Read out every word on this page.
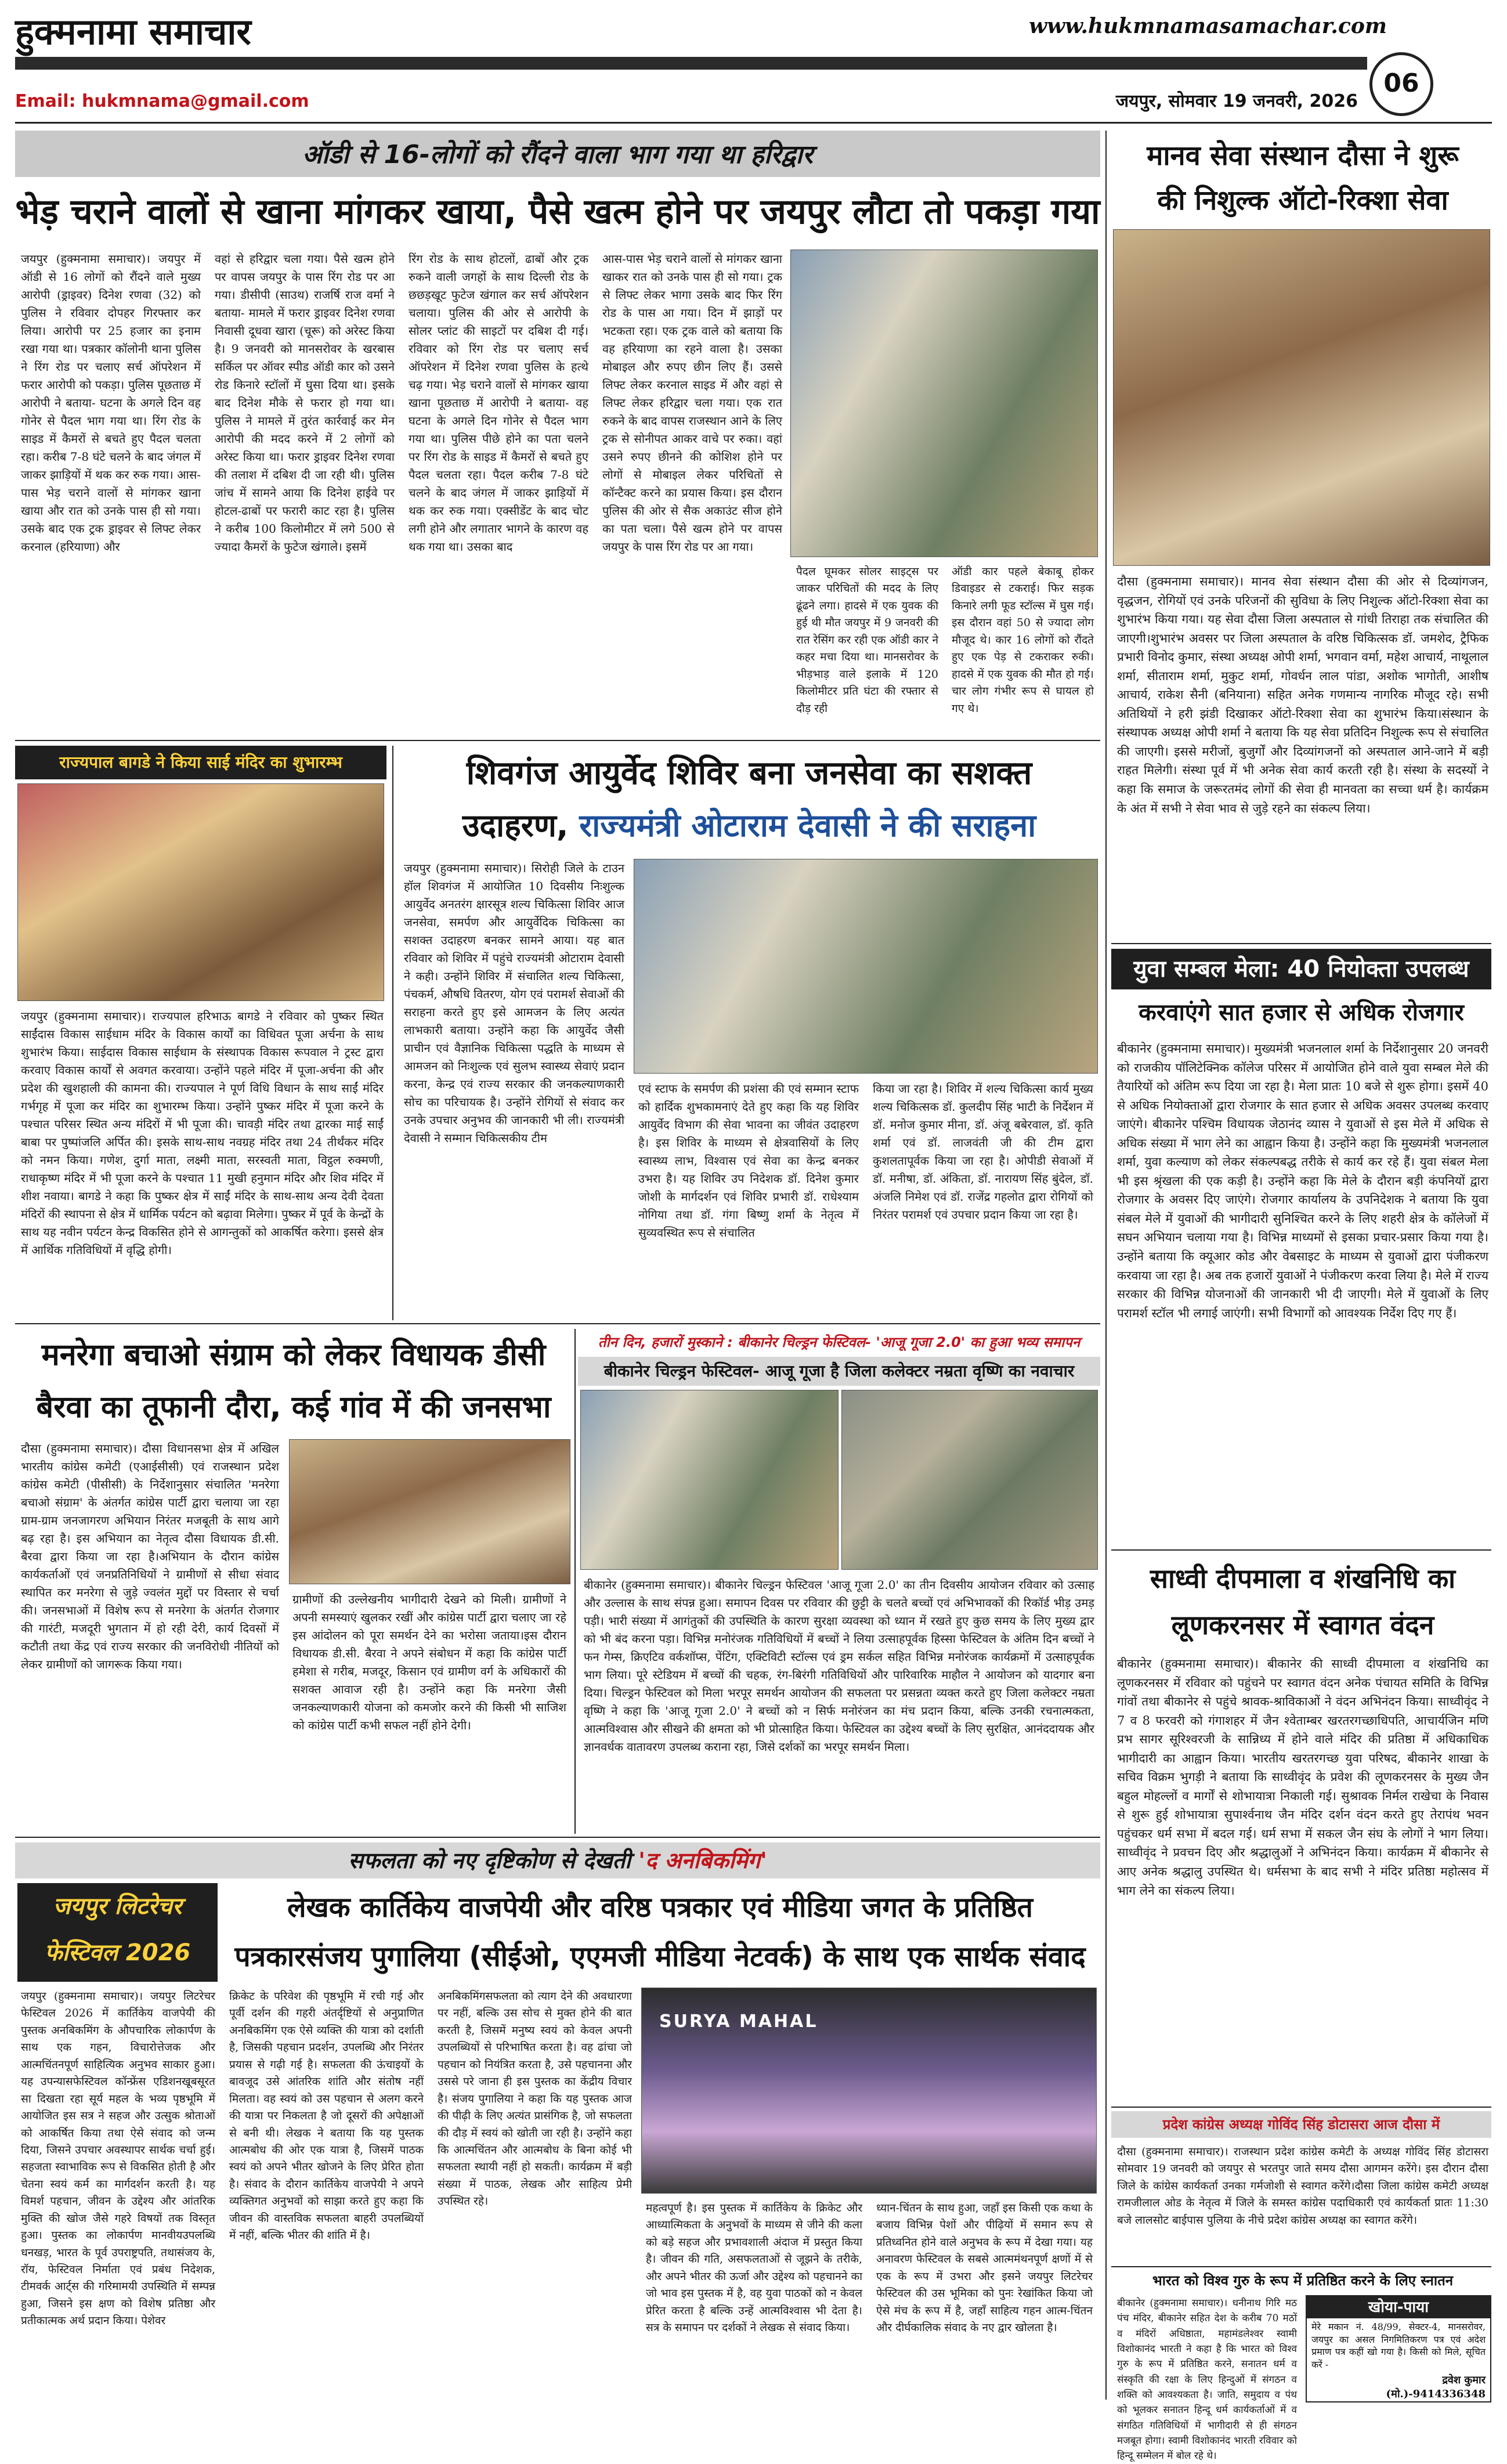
हुक्मनामा समाचार	www.hukmnamasamachar.com
06
Email: hukmnama@gmail.com	जयपुर, सोमवार 19 जनवरी, 2026
ऑडी से 16-लोगों को रौंदने वाला भाग गया था हरिद्वार
भेड़ चराने वालों से खाना मांगकर खाया, पैसे खत्म होने पर जयपुर लौटा तो पकड़ा गया
जयपुर (हुक्मनामा समाचार)। जयपुर में ऑडी से 16 लोगों को रौंदने वाले मुख्य आरोपी (ड्राइवर) दिनेश रणवा (32) को पुलिस ने रविवार दोपहर गिरफ्तार कर लिया। आरोपी पर 25 हजार का इनाम रखा गया था। पत्रकार कॉलोनी थाना पुलिस ने रिंग रोड पर चलाए सर्च ऑपरेशन में फरार आरोपी को पकड़ा। पुलिस पूछताछ में आरोपी ने बताया- घटना के अगले दिन वह गोनेर से पैदल भाग गया था। रिंग रोड के साइड में कैमरों से बचते हुए पैदल चलता रहा। करीब 7-8 घंटे चलने के बाद जंगल में जाकर झाड़ियों में थक कर रुक गया। आस-पास भेड़ चराने वालों से मांगकर खाना खाया और रात को उनके पास ही सो गया। उसके बाद एक ट्रक ड्राइवर से लिफ्ट लेकर करनाल (हरियाणा) और
वहां से हरिद्वार चला गया। पैसे खत्म होने पर वापस जयपुर के पास रिंग रोड पर आ गया। डीसीपी (साउथ) राजर्षि राज वर्मा ने बताया- मामले में फरार ड्राइवर दिनेश रणवा निवासी दूधवा खारा (चूरू) को अरेस्ट किया है। 9 जनवरी को मानसरोवर के खरबास सर्किल पर ऑवर स्पीड ऑडी कार को उसने रोड किनारे स्टॉलों में घुसा दिया था। इसके बाद दिनेश मौके से फरार हो गया था। पुलिस ने मामले में तुरंत कार्रवाई कर मेन आरोपी की मदद करने में 2 लोगों को अरेस्ट किया था। फरार ड्राइवर दिनेश रणवा की तलाश में दबिश दी जा रही थी। पुलिस जांच में सामने आया कि दिनेश हाईवे पर होटल-ढाबों पर फरारी काट रहा है। पुलिस ने करीब 100 किलोमीटर में लगे 500 से ज्यादा कैमरों के फुटेज खंगाले। इसमें
रिंग रोड के साथ होटलों, ढाबों और ट्रक रुकने वाली जगहों के साथ दिल्ली रोड के छछड़खूट फुटेज खंगाल कर सर्च ऑपरेशन चलाया। पुलिस की ओर से आरोपी के सोलर प्लांट की साइटों पर दबिश दी गई। रविवार को रिंग रोड पर चलाए सर्च ऑपरेशन में दिनेश रणवा पुलिस के हत्थे चढ़ गया। भेड़ चराने वालों से मांगकर खाया खाना पूछताछ में आरोपी ने बताया- वह घटना के अगले दिन गोनेर से पैदल भाग गया था। पुलिस पीछे होने का पता चलने पर रिंग रोड के साइड में कैमरों से बचते हुए पैदल चलता रहा। पैदल करीब 7-8 घंटे चलने के बाद जंगल में जाकर झाड़ियों में थक कर रुक गया। एक्सीडेंट के बाद चोट लगी होने और लगातार भागने के कारण वह थक गया था। उसका बाद
आस-पास भेड़ चराने वालों से मांगकर खाना खाकर रात को उनके पास ही सो गया। ट्रक से लिफ्ट लेकर भागा उसके बाद फिर रिंग रोड के पास आ गया। दिन में झाड़ों पर भटकता रहा। एक ट्रक वाले को बताया कि वह हरियाणा का रहने वाला है। उसका मोबाइल और रुपए छीन लिए हैं। उससे लिफ्ट लेकर करनाल साइड में और वहां से लिफ्ट लेकर हरिद्वार चला गया। एक रात रुकने के बाद वापस राजस्थान आने के लिए ट्रक से सोनीपत आकर वाचे पर रुका। वहां उसने रुपए छीनने की कोशिश होने पर लोगों से मोबाइल लेकर परिचितों से कॉन्टैक्ट करने का प्रयास किया। इस दौरान पुलिस की ओर से सैक अकाउंट सीज होने का पता चला। पैसे खत्म होने पर वापस जयपुर के पास रिंग रोड पर आ गया।
पैदल घूमकर सोलर साइट्स पर जाकर परिचितों की मदद के लिए ढूंढने लगा। हादसे में एक युवक की हुई थी मौत जयपुर में 9 जनवरी की रात रेसिंग कर रही एक ऑडी कार ने कहर मचा दिया था। मानसरोवर के भीड़भाड़ वाले इलाके में 120 किलोमीटर प्रति घंटा की रफ्तार से दौड़ रही
ऑडी कार पहले बेकाबू होकर डिवाइडर से टकराई। फिर सड़क किनारे लगी फूड स्टॉल्स में घुस गई। इस दौरान वहां 50 से ज्यादा लोग मौजूद थे। कार 16 लोगों को रौंदते हुए एक पेड़ से टकराकर रुकी। हादसे में एक युवक की मौत हो गई। चार लोग गंभीर रूप से घायल हो गए थे।
मानव सेवा संस्थान दौसा ने शुरू
की निशुल्क ऑटो-रिक्शा सेवा
दौसा (हुक्मनामा समाचार)। मानव सेवा संस्थान दौसा की ओर से दिव्यांगजन, वृद्धजन, रोगियों एवं उनके परिजनों की सुविधा के लिए निशुल्क ऑटो-रिक्शा सेवा का शुभारंभ किया गया। यह सेवा दौसा जिला अस्पताल से गांधी तिराहा तक संचालित की जाएगी।शुभारंभ अवसर पर जिला अस्पताल के वरिष्ठ चिकित्सक डॉ. जमशेद, ट्रैफिक प्रभारी विनोद कुमार, संस्था अध्यक्ष ओपी शर्मा, भगवान वर्मा, महेश आचार्य, नाथूलाल शर्मा, सीताराम शर्मा, मुकुट शर्मा, गोवर्धन लाल पांडा, अशोक भागोती, आशीष आचार्य, राकेश सैनी (बनियाना) सहित अनेक गणमान्य नागरिक मौजूद रहे। सभी अतिथियों ने हरी झंडी दिखाकर ऑटो-रिक्शा सेवा का शुभारंभ किया।संस्थान के संस्थापक अध्यक्ष ओपी शर्मा ने बताया कि यह सेवा प्रतिदिन निशुल्क रूप से संचालित की जाएगी। इससे मरीजों, बुजुर्गों और दिव्यांगजनों को अस्पताल आने-जाने में बड़ी राहत मिलेगी। संस्था पूर्व में भी अनेक सेवा कार्य करती रही है। संस्था के सदस्यों ने कहा कि समाज के जरूरतमंद लोगों की सेवा ही मानवता का सच्चा धर्म है। कार्यक्रम के अंत में सभी ने सेवा भाव से जुड़े रहने का संकल्प लिया।
युवा सम्बल मेला: 40 नियोक्ता उपलब्ध
करवाएंगे सात हजार से अधिक रोजगार
बीकानेर (हुक्मनामा समाचार)। मुख्यमंत्री भजनलाल शर्मा के निर्देशानुसार 20 जनवरी को राजकीय पॉलिटेक्निक कॉलेज परिसर में आयोजित होने वाले युवा सम्बल मेले की तैयारियों को अंतिम रूप दिया जा रहा है। मेला प्रातः 10 बजे से शुरू होगा। इसमें 40 से अधिक नियोक्ताओं द्वारा रोजगार के सात हजार से अधिक अवसर उपलब्ध करवाए जाएंगे। बीकानेर पश्चिम विधायक जेठानंद व्यास ने युवाओं से इस मेले में अधिक से अधिक संख्या में भाग लेने का आह्वान किया है। उन्होंने कहा कि मुख्यमंत्री भजनलाल शर्मा, युवा कल्याण को लेकर संकल्पबद्ध तरीके से कार्य कर रहे हैं। युवा संबल मेला भी इस श्रृंखला की एक कड़ी है। उन्होंने कहा कि मेले के दौरान बड़ी कंपनियों द्वारा रोजगार के अवसर दिए जाएंगे। रोजगार कार्यालय के उपनिदेशक ने बताया कि युवा संबल मेले में युवाओं की भागीदारी सुनिश्चित करने के लिए शहरी क्षेत्र के कॉलेजों में सघन अभियान चलाया गया है। विभिन्न माध्यमों से इसका प्रचार-प्रसार किया गया है। उन्होंने बताया कि क्यूआर कोड और वेबसाइट के माध्यम से युवाओं द्वारा पंजीकरण करवाया जा रहा है। अब तक हजारों युवाओं ने पंजीकरण करवा लिया है। मेले में राज्य सरकार की विभिन्न योजनाओं की जानकारी भी दी जाएगी। मेले में युवाओं के लिए परामर्श स्टॉल भी लगाई जाएंगी। सभी विभागों को आवश्यक निर्देश दिए गए हैं।
साध्वी दीपमाला व शंखनिधि का
लूणकरनसर में स्वागत वंदन
बीकानेर (हुक्मनामा समाचार)। बीकानेर की साध्वी दीपमाला व शंखनिधि का लूणकरनसर में रविवार को पहुंचने पर स्वागत वंदन अनेक पंचायत समिति के विभिन्न गांवों तथा बीकानेर से पहुंचे श्रावक-श्राविकाओं ने वंदन अभिनंदन किया। साध्वीवृंद ने 7 व 8 फरवरी को गंगाशहर में जैन श्वेताम्बर खरतरगच्छाधिपति, आचार्यजिन मणि प्रभ सागर सूरिश्वरजी के सान्निध्य में होने वाले मंदिर की प्रतिष्ठा में अधिकाधिक भागीदारी का आह्वान किया। भारतीय खरतरगच्छ युवा परिषद, बीकानेर शाखा के सचिव विक्रम भुगड़ी ने बताया कि साध्वीवृंद के प्रवेश की लूणकरनसर के मुख्य जैन बहुल मोहल्लों व मार्गों से शोभायात्रा निकाली गई। सुश्रावक निर्मल राखेचा के निवास से शुरू हुई शोभायात्रा सुपार्श्वनाथ जैन मंदिर दर्शन वंदन करते हुए तेरापंथ भवन पहुंचकर धर्म सभा में बदल गई। धर्म सभा में सकल जैन संघ के लोगों ने भाग लिया। साध्वीवृंद ने प्रवचन दिए और श्रद्धालुओं ने अभिनंदन किया। कार्यक्रम में बीकानेर से आए अनेक श्रद्धालु उपस्थित थे। धर्मसभा के बाद सभी ने मंदिर प्रतिष्ठा महोत्सव में भाग लेने का संकल्प लिया।
प्रदेश कांग्रेस अध्यक्ष गोविंद सिंह डोटासरा आज दौसा में
दौसा (हुक्मनामा समाचार)। राजस्थान प्रदेश कांग्रेस कमेटी के अध्यक्ष गोविंद सिंह डोटासरा सोमवार 19 जनवरी को जयपुर से भरतपुर जाते समय दौसा आगमन करेंगे। इस दौरान दौसा जिले के कांग्रेस कार्यकर्ता उनका गर्मजोशी से स्वागत करेंगे।दौसा जिला कांग्रेस कमेटी अध्यक्ष रामजीलाल ओड के नेतृत्व में जिले के समस्त कांग्रेस पदाधिकारी एवं कार्यकर्ता प्रातः 11:30 बजे लालसोट बाईपास पुलिया के नीचे प्रदेश कांग्रेस अध्यक्ष का स्वागत करेंगे।
भारत को विश्व गुरु के रूप में प्रतिष्ठित करने के लिए स्नातन
बीकानेर (हुक्मनामा समाचार)। धनीनाथ गिरि मठ पंच मंदिर, बीकानेर सहित देश के करीब 70 मठों व मंदिरों अधिष्ठाता, महामंडलेश्वर स्वामी विशोकानंद भारती ने कहा है कि भारत को विश्व गुरु के रूप में प्रतिष्ठित करने, सनातन धर्म व संस्कृति की रक्षा के लिए हिन्दुओं में संगठन व शक्ति को आवश्यकता है। जाति, समुदाय व पंथ को भूलकर सनातन हिन्दू धर्म कार्यकर्ताओं में व संगठित गतिविधियों में भागीदारी से ही संगठन मजबूत होगा। स्वामी विशोकानंद भारती रविवार को हिन्दू सम्मेलन में बोल रहे थे।
खोया-पाया
मेरे मकान नं. 48/99, सेक्टर-4, मानसरोवर, जयपुर का असल निगमितिकरण पत्र एवं अदेश प्रमाण पत्र कहीं खो गया है। किसी को मिले, सूचित करें -
द्रवेश कुमार
(मो.)-9414336348
राज्यपाल बागडे ने किया साई मंदिर का शुभारम्भ
जयपुर (हुक्मनामा समाचार)। राज्यपाल हरिभाऊ बागडे ने रविवार को पुष्कर स्थित साईंदास विकास साईधाम मंदिर के विकास कार्यों का विधिवत पूजा अर्चना के साथ शुभारंभ किया। साईदास विकास साईधाम के संस्थापक विकास रूपवाल ने ट्रस्ट द्वारा करवाए विकास कार्यों से अवगत करवाया। उन्होंने पहले मंदिर में पूजा-अर्चना की और प्रदेश की खुशहाली की कामना की। राज्यपाल ने पूर्ण विधि विधान के साथ साईं मंदिर गर्भगृह में पूजा कर मंदिर का शुभारम्भ किया। उन्होंने पुष्कर मंदिर में पूजा करने के पश्चात परिसर स्थित अन्य मंदिरों में भी पूजा की। चावड़ी मंदिर तथा द्वारका माई साईं बाबा पर पुष्पांजलि अर्पित की। इसके साथ-साथ नवग्रह मंदिर तथा 24 तीर्थंकर मंदिर को नमन किया। गणेश, दुर्गा माता, लक्ष्मी माता, सरस्वती माता, विट्ठल रुक्मणी, राधाकृष्ण मंदिर में भी पूजा करने के पश्चात 11 मुखी हनुमान मंदिर और शिव मंदिर में शीश नवाया। बागडे ने कहा कि पुष्कर क्षेत्र में साईं मंदिर के साथ-साथ अन्य देवी देवता मंदिरों की स्थापना से क्षेत्र में धार्मिक पर्यटन को बढ़ावा मिलेगा। पुष्कर में पूर्व के केन्द्रों के साथ यह नवीन पर्यटन केन्द्र विकसित होने से आगन्तुकों को आकर्षित करेगा। इससे क्षेत्र में आर्थिक गतिविधियों में वृद्धि होगी।
शिवगंज आयुर्वेद शिविर बना जनसेवा का सशक्त
उदाहरण, राज्यमंत्री ओटाराम देवासी ने की सराहना
जयपुर (हुक्मनामा समाचार)। सिरोही जिले के टाउन हॉल शिवगंज में आयोजित 10 दिवसीय निःशुल्क आयुर्वेद अनतरंग क्षारसूत्र शल्य चिकित्सा शिविर आज जनसेवा, समर्पण और आयुर्वेदिक चिकित्सा का सशक्त उदाहरण बनकर सामने आया। यह बात रविवार को शिविर में पहुंचे राज्यमंत्री ओटाराम देवासी ने कही। उन्होंने शिविर में संचालित शल्य चिकित्सा, पंचकर्म, औषधि वितरण, योग एवं परामर्श सेवाओं की सराहना करते हुए इसे आमजन के लिए अत्यंत लाभकारी बताया। उन्होंने कहा कि आयुर्वेद जैसी प्राचीन एवं वैज्ञानिक चिकित्सा पद्धति के माध्यम से आमजन को निःशुल्क एवं सुलभ स्वास्थ्य सेवाएं प्रदान करना, केन्द्र एवं राज्य सरकार की जनकल्याणकारी सोच का परिचायक है। उन्होंने रोगियों से संवाद कर उनके उपचार अनुभव की जानकारी भी ली। राज्यमंत्री देवासी ने सम्मान चिकित्सकीय टीम
एवं स्टाफ के समर्पण की प्रशंसा की एवं सम्मान स्टाफ को हार्दिक शुभकामनाएं देते हुए कहा कि यह शिविर आयुर्वेद विभाग की सेवा भावना का जीवंत उदाहरण है। इस शिविर के माध्यम से क्षेत्रवासियों के लिए स्वास्थ्य लाभ, विश्वास एवं सेवा का केन्द्र बनकर उभरा है। यह शिविर उप निदेशक डॉ. दिनेश कुमार जोशी के मार्गदर्शन एवं शिविर प्रभारी डॉ. राधेश्याम नोगिया तथा डॉ. गंगा बिष्णु शर्मा के नेतृत्व में सुव्यवस्थित रूप से संचालित
किया जा रहा है। शिविर में शल्य चिकित्सा कार्य मुख्य शल्य चिकित्सक डॉ. कुलदीप सिंह भाटी के निर्देशन में डॉ. मनोज कुमार मीना, डॉ. अंजू बबेरवाल, डॉ. कृति शर्मा एवं डॉ. लाजवंती जी की टीम द्वारा कुशलतापूर्वक किया जा रहा है। ओपीडी सेवाओं में डॉ. मनीषा, डॉ. अंकिता, डॉ. नारायण सिंह बुंदेल, डॉ. अंजलि निमेश एवं डॉ. राजेंद्र गहलोत द्वारा रोगियों को निरंतर परामर्श एवं उपचार प्रदान किया जा रहा है।
मनरेगा बचाओ संग्राम को लेकर विधायक डीसी
बैरवा का तूफानी दौरा, कई गांव में की जनसभा
दौसा (हुक्मनामा समाचार)। दौसा विधानसभा क्षेत्र में अखिल भारतीय कांग्रेस कमेटी (एआईसीसी) एवं राजस्थान प्रदेश कांग्रेस कमेटी (पीसीसी) के निर्देशानुसार संचालित 'मनरेगा बचाओ संग्राम' के अंतर्गत कांग्रेस पार्टी द्वारा चलाया जा रहा ग्राम-ग्राम जनजागरण अभियान निरंतर मजबूती के साथ आगे बढ़ रहा है। इस अभियान का नेतृत्व दौसा विधायक डी.सी. बैरवा द्वारा किया जा रहा है।अभियान के दौरान कांग्रेस कार्यकर्ताओं एवं जनप्रतिनिधियों ने ग्रामीणों से सीधा संवाद स्थापित कर मनरेगा से जुड़े ज्वलंत मुद्दों पर विस्तार से चर्चा की। जनसभाओं में विशेष रूप से मनरेगा के अंतर्गत रोजगार की गारंटी, मजदूरी भुगतान में हो रही देरी, कार्य दिवसों में कटौती तथा केंद्र एवं राज्य सरकार की जनविरोधी नीतियों को लेकर ग्रामीणों को जागरूक किया गया।
ग्रामीणों की उल्लेखनीय भागीदारी देखने को मिली। ग्रामीणों ने अपनी समस्याएं खुलकर रखीं और कांग्रेस पार्टी द्वारा चलाए जा रहे इस आंदोलन को पूरा समर्थन देने का भरोसा जताया।इस दौरान विधायक डी.सी. बैरवा ने अपने संबोधन में कहा कि कांग्रेस पार्टी हमेशा से गरीब, मजदूर, किसान एवं ग्रामीण वर्ग के अधिकारों की सशक्त आवाज रही है। उन्होंने कहा कि मनरेगा जैसी जनकल्याणकारी योजना को कमजोर करने की किसी भी साजिश को कांग्रेस पार्टी कभी सफल नहीं होने देगी।
तीन दिन, हजारों मुस्काने : बीकानेर चिल्ड्रन फेस्टिवल- 'आजू गूजा 2.0' का हुआ भव्य समापन
बीकानेर चिल्ड्रन फेस्टिवल- आजू गूजा है जिला कलेक्टर नम्रता वृष्णि का नवाचार
बीकानेर (हुक्मनामा समाचार)। बीकानेर चिल्ड्रन फेस्टिवल 'आजू गूजा 2.0' का तीन दिवसीय आयोजन रविवार को उत्साह और उल्लास के साथ संपन्न हुआ। समापन दिवस पर रविवार की छुट्टी के चलते बच्चों एवं अभिभावकों की रिकॉर्ड भीड़ उमड़ पड़ी। भारी संख्या में आगंतुकों की उपस्थिति के कारण सुरक्षा व्यवस्था को ध्यान में रखते हुए कुछ समय के लिए मुख्य द्वार को भी बंद करना पड़ा। विभिन्न मनोरंजक गतिविधियों में बच्चों ने लिया उत्साहपूर्वक हिस्सा फेस्टिवल के अंतिम दिन बच्चों ने फन गेम्स, क्रिएटिव वर्कशॉप्स, पेंटिंग, एक्टिविटी स्टॉल्स एवं ड्रम सर्कल सहित विभिन्न मनोरंजक कार्यक्रमों में उत्साहपूर्वक भाग लिया। पूरे स्टेडियम में बच्चों की चहक, रंग-बिरंगी गतिविधियों और पारिवारिक माहौल ने आयोजन को यादगार बना दिया। चिल्ड्रन फेस्टिवल को मिला भरपूर समर्थन आयोजन की सफलता पर प्रसन्नता व्यक्त करते हुए जिला कलेक्टर नम्रता वृष्णि ने कहा कि 'आजू गूजा 2.0' ने बच्चों को न सिर्फ मनोरंजन का मंच प्रदान किया, बल्कि उनकी रचनात्मकता, आत्मविश्वास और सीखने की क्षमता को भी प्रोत्साहित किया। फेस्टिवल का उद्देश्य बच्चों के लिए सुरक्षित, आनंददायक और ज्ञानवर्धक वातावरण उपलब्ध कराना रहा, जिसे दर्शकों का भरपूर समर्थन मिला।
सफलता को नए दृष्टिकोण से देखती 'द अनबिकमिंग'
जयपुर लिटरेचर
फेस्टिवल 2026
लेखक कार्तिकेय वाजपेयी और वरिष्ठ पत्रकार एवं मीडिया जगत के प्रतिष्ठित
पत्रकारसंजय पुगालिया (सीईओ, एएमजी मीडिया नेटवर्क) के साथ एक सार्थक संवाद
जयपुर (हुक्मनामा समाचार)। जयपुर लिटरेचर फेस्टिवल 2026 में कार्तिकेय वाजपेयी की पुस्तक अनबिकमिंग के औपचारिक लोकार्पण के साथ एक गहन, विचारोत्तेजक और आत्मचिंतनपूर्ण साहित्यिक अनुभव साकार हुआ। यह उपन्यासफेस्टिवल कॉन्फ्रेंस एडिशनखूबसूरत सा दिखता रहा सूर्य महल के भव्य पृष्ठभूमि में आयोजित इस सत्र ने सहज और उत्सुक श्रोताओं को आकर्षित किया तथा ऐसे संवाद को जन्म दिया, जिसने उपचार अवस्थापर सार्थक चर्चा हुई। सहजता स्वाभाविक रूप से विकसित होती है और चेतना स्वयं कर्म का मार्गदर्शन करती है। यह विमर्श पहचान, जीवन के उद्देश्य और आंतरिक मुक्ति की खोज जैसे गहरे विषयों तक विस्तृत हुआ। पुस्तक का लोकार्पण मानवीयउपलब्धि धनखड़, भारत के पूर्व उपराष्ट्रपति, तथासंजय के, रॉय, फेस्टिवल निर्माता एवं प्रबंध निदेशक, टीमवर्क आर्ट्स की गरिमामयी उपस्थिति में सम्पन्न हुआ, जिसने इस क्षण को विशेष प्रतिष्ठा और प्रतीकात्मक अर्थ प्रदान किया। पेशेवर
क्रिकेट के परिवेश की पृष्ठभूमि में रची गई और पूर्वी दर्शन की गहरी अंतर्दृष्टियों से अनुप्राणित अनबिकमिंग एक ऐसे व्यक्ति की यात्रा को दर्शाती है, जिसकी पहचान प्रदर्शन, उपलब्धि और निरंतर प्रयास से गढ़ी गई है। सफलता की ऊंचाइयों के बावजूद उसे आंतरिक शांति और संतोष नहीं मिलता। वह स्वयं को उस पहचान से अलग करने की यात्रा पर निकलता है जो दूसरों की अपेक्षाओं से बनी थी। लेखक ने बताया कि यह पुस्तक आत्मबोध की ओर एक यात्रा है, जिसमें पाठक स्वयं को अपने भीतर खोजने के लिए प्रेरित होता है। संवाद के दौरान कार्तिकेय वाजपेयी ने अपने व्यक्तिगत अनुभवों को साझा करते हुए कहा कि जीवन की वास्तविक सफलता बाहरी उपलब्धियों में नहीं, बल्कि भीतर की शांति में है।
अनबिकमिंगसफलता को त्याग देने की अवधारणा पर नहीं, बल्कि उस सोच से मुक्त होने की बात करती है, जिसमें मनुष्य स्वयं को केवल अपनी उपलब्धियों से परिभाषित करता है। वह ढांचा जो पहचान को नियंत्रित करता है, उसे पहचानना और उससे परे जाना ही इस पुस्तक का केंद्रीय विचार है। संजय पुगालिया ने कहा कि यह पुस्तक आज की पीढ़ी के लिए अत्यंत प्रासंगिक है, जो सफलता की दौड़ में स्वयं को खोती जा रही है। उन्होंने कहा कि आत्मचिंतन और आत्मबोध के बिना कोई भी सफलता स्थायी नहीं हो सकती। कार्यक्रम में बड़ी संख्या में पाठक, लेखक और साहित्य प्रेमी उपस्थित रहे।
SURYA MAHAL
महत्वपूर्ण है। इस पुस्तक में कार्तिकेय के क्रिकेट और आध्यात्मिकता के अनुभवों के माध्यम से जीने की कला को बड़े सहज और प्रभावशाली अंदाज में प्रस्तुत किया है। जीवन की गति, असफलताओं से जूझने के तरीके, और अपने भीतर की ऊर्जा और उद्देश्य को पहचानने का जो भाव इस पुस्तक में है, वह युवा पाठकों को न केवल प्रेरित करता है बल्कि उन्हें आत्मविश्वास भी देता है। सत्र के समापन पर दर्शकों ने लेखक से संवाद किया।
ध्यान-चिंतन के साथ हुआ, जहाँ इस किसी एक कथा के बजाय विभिन्न पेशों और पीढ़ियों में समान रूप से प्रतिध्वनित होने वाले अनुभव के रूप में देखा गया। यह अनावरण फेस्टिवल के सबसे आत्ममंथनपूर्ण क्षणों में से एक के रूप में उभरा और इसने जयपुर लिटरेचर फेस्टिवल की उस भूमिका को पुनः रेखांकित किया जो ऐसे मंच के रूप में है, जहाँ साहित्य गहन आत्म-चिंतन और दीर्घकालिक संवाद के नए द्वार खोलता है।
